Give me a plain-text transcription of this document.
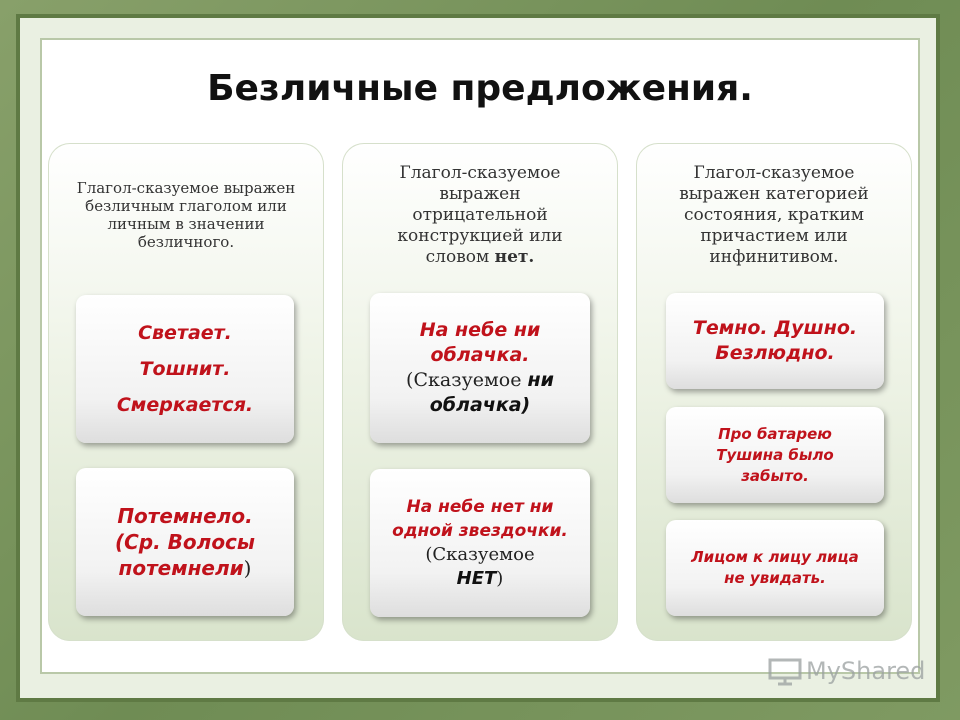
Безличные предложения.
Глагол-сказуемое выражен
безличным глаголом или
личным в значении
безличного.
Светает.
Тошнит.
Смеркается.
Потемнело.
(Ср. Волосы
потемнели)
Глагол-сказуемое
выражен
отрицательной
конструкцией или
словом нет.
На небе ни
облачка.
(Сказуемое ни
облачка)
На небе нет ни
одной звездочки.
(Сказуемое
НЕТ)
Глагол-сказуемое
выражен категорией
состояния, кратким
причастием или
инфинитивом.
Темно. Душно.
Безлюдно.
Про батарею
Тушина было
забыто.
Лицом к лицу лица
не увидать.
MyShared
